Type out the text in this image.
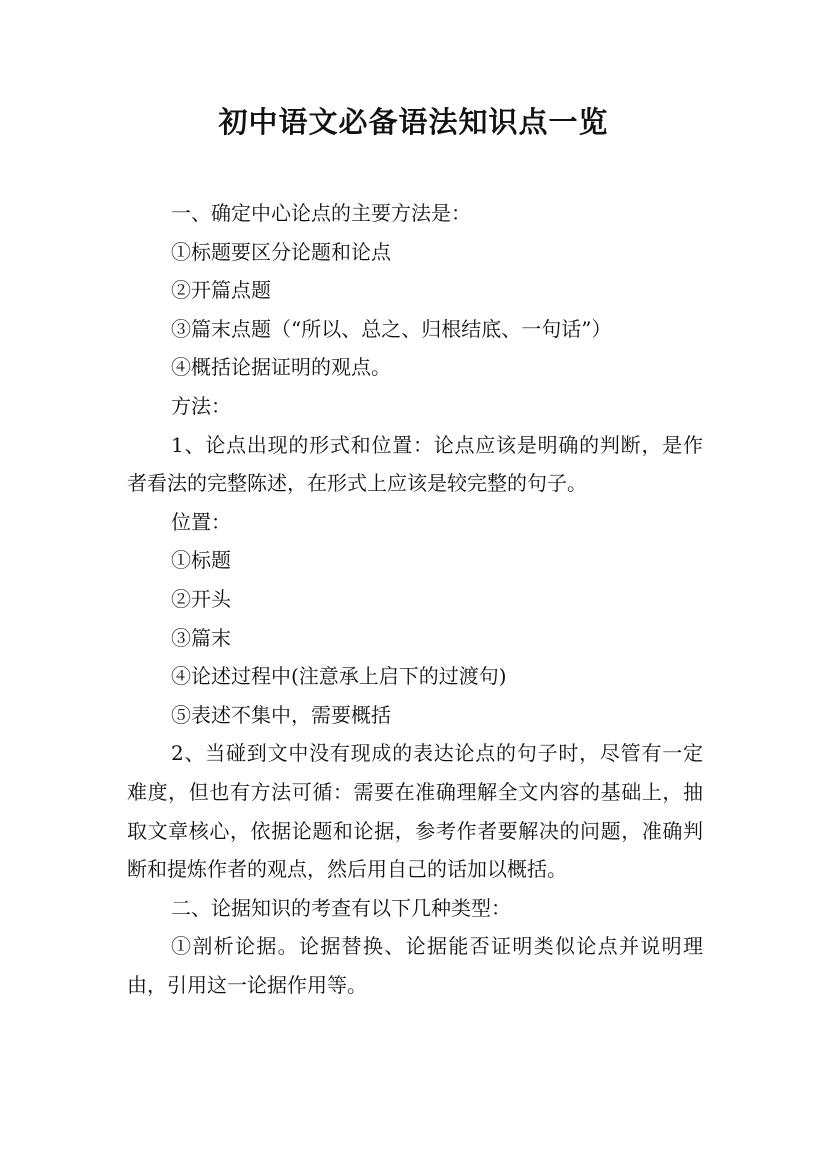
初中语文必备语法知识点一览

一、确定中心论点的主要方法是：

①标题要区分论题和论点

②开篇点题

③篇末点题（“所以、总之、归根结底、一句话”）

④概括论据证明的观点。

方法：

1、论点出现的形式和位置：论点应该是明确的判断，是作者看法的完整陈述，在形式上应该是较完整的句子。

位置：

①标题

②开头

③篇末

④论述过程中(注意承上启下的过渡句)

⑤表述不集中，需要概括

2、当碰到文中没有现成的表达论点的句子时，尽管有一定难度，但也有方法可循：需要在准确理解全文内容的基础上，抽取文章核心，依据论题和论据，参考作者要解决的问题，准确判断和提炼作者的观点，然后用自己的话加以概括。

二、论据知识的考查有以下几种类型：

①剖析论据。论据替换、论据能否证明类似论点并说明理由，引用这一论据作用等。
